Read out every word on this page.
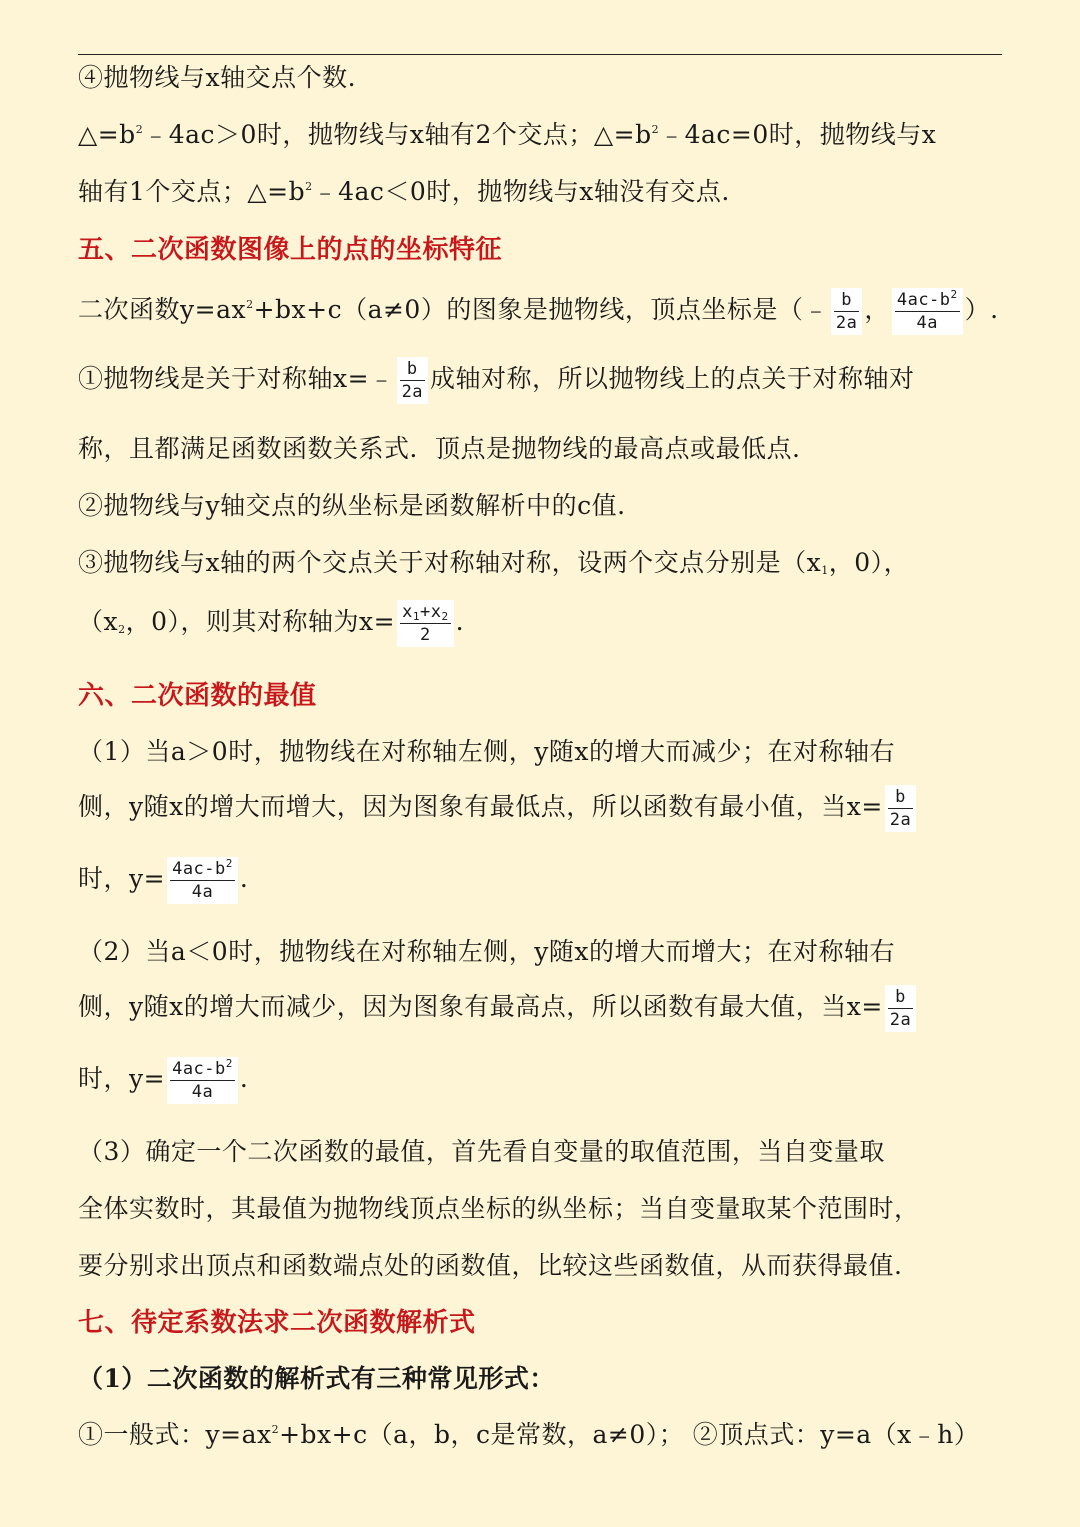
④抛物线与x轴交点个数.
$\triangle=b^2﹣4ac>0$时，抛物线与x轴有2个交点；$\triangle=b^2﹣4ac=0$时，抛物线与x
轴有1个交点；$\triangle=b^2﹣4ac<0$时，抛物线与x轴没有交点.
五、二次函数图像上的点的坐标特征
二次函数$y=ax^2+bx+c(a\ne 0)$的图象是抛物线，顶点坐标是（﹣ $\frac{b}{2a}$ ， $\frac{4ac-b^2}{4a}$ ）.
①抛物线是关于对称轴x=﹣ $\frac{b}{2a}$ 成轴对称，所以抛物线上的点关于对称轴对
称，且都满足函数函数关系式．顶点是抛物线的最高点或最低点.
②抛物线与y轴交点的纵坐标是函数解析中的c值.
③抛物线与x轴的两个交点关于对称轴对称，设两个交点分别是（$x_1$，0），
（$x_2$，0），则其对称轴为$x= \frac{x_1+x_2}{2}$ .
六、二次函数的最值
（1）当a＞0时，抛物线在对称轴左侧，y随x的增大而减少；在对称轴右
侧，y随x的增大而增大，因为图象有最低点，所以函数有最小值，当$x= \frac{b}{2a}$
时，$y= \frac{4ac-b^2}{4a}$ .
（2）当a＜0时，抛物线在对称轴左侧，y随x的增大而增大；在对称轴右
侧，y随x的增大而减少，因为图象有最高点，所以函数有最大值，当$x= \frac{b}{2a}$
时，$y= \frac{4ac-b^2}{4a}$ .
（3）确定一个二次函数的最值，首先看自变量的取值范围，当自变量取
全体实数时，其最值为抛物线顶点坐标的纵坐标；当自变量取某个范围时，
要分别求出顶点和函数端点处的函数值，比较这些函数值，从而获得最值.
七、待定系数法求二次函数解析式
（1）二次函数的解析式有三种常见形式：
①一般式：$y=ax^2+bx+c(a$，b，c是常数，a≠0）； ②顶点式：y=a（x﹣h）
